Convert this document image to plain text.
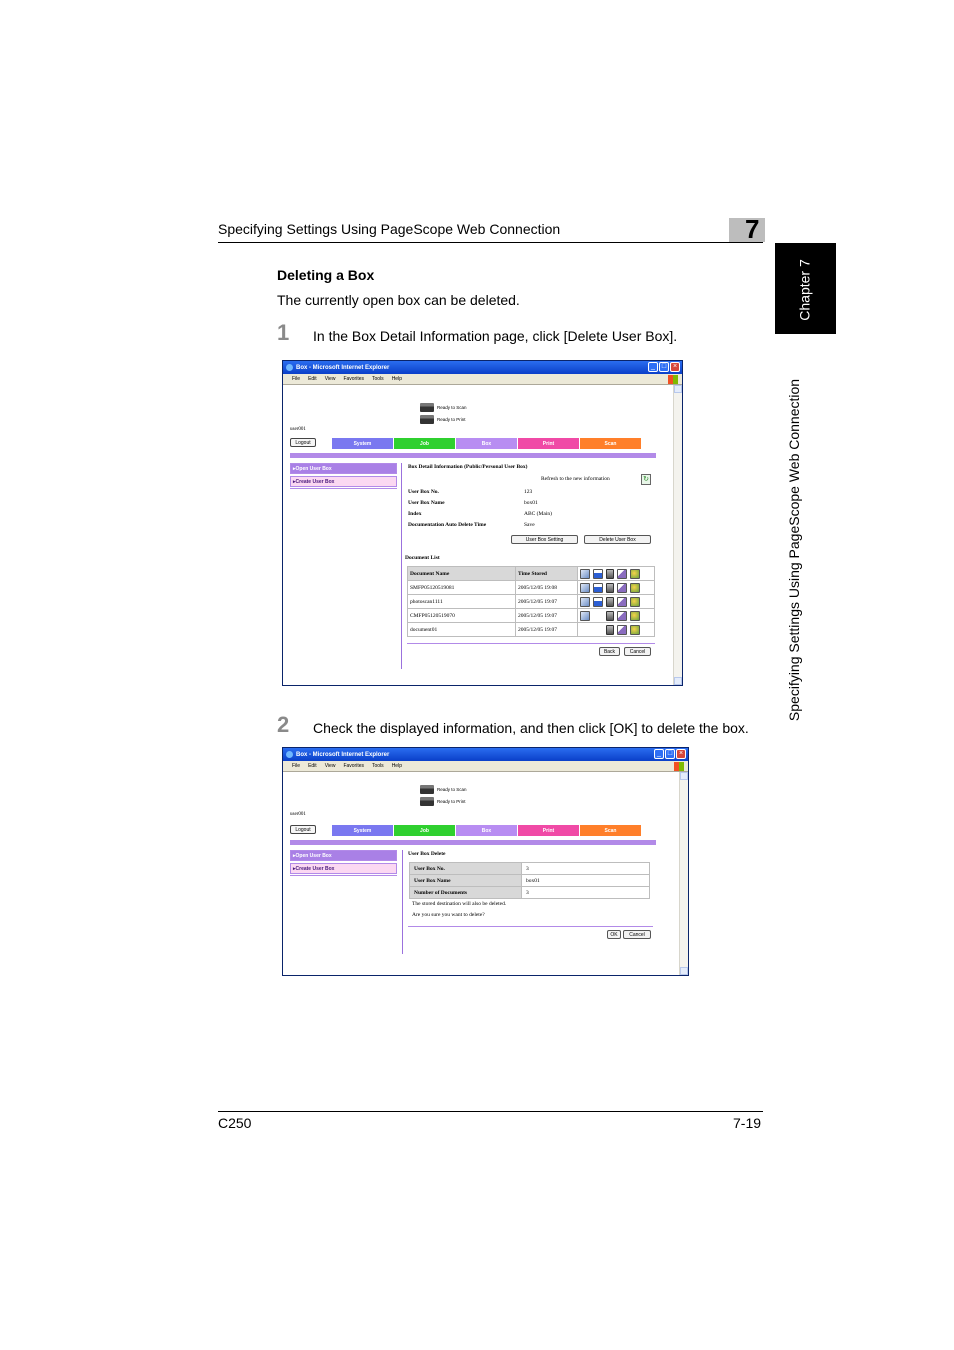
Specifying Settings Using PageScope Web Connection	7
Chapter 7
Specifying Settings Using PageScope Web Connection
Deleting a Box
The currently open box can be deleted.
1 In the Box Detail Information page, click [Delete User Box].
Box - Microsoft Internet Explorer	_ □ ×
File Edit View Favorites Tools Help
Ready to Scan
Ready to Print
user001
Logout	System	Job	Box	Print	Scan
▸ Open User Box
▸ Create User Box
Box Detail Information (Public/Personal User Box)
Refresh to the new information	↻
User Box No.	123
User Box Name	box01
Index	ABC (Main)
Documentation Auto Delete Time	Save
User Box Setting	Delete User Box
Document List
Document Name	Time Stored	
SMFP05120519081	2005/12/05 19:08	
photoscan1111	2005/12/05 19:07	
CMFP05120519070	2005/12/05 19:07	
document01	2005/12/05 19:07	
Back	Cancel
2 Check the displayed information, and then click [OK] to delete the box.
Box - Microsoft Internet Explorer	_ □ ×
File Edit View Favorites Tools Help
Ready to Scan
Ready to Print
user001
Logout	System	Job	Box	Print	Scan
▸ Open User Box
▸ Create User Box
User Box Delete
User Box No.	3
User Box Name	box01
Number of Documents	3
The stored destination will also be deleted.
Are you sure you want to delete?
OK	Cancel
C250	7-19
